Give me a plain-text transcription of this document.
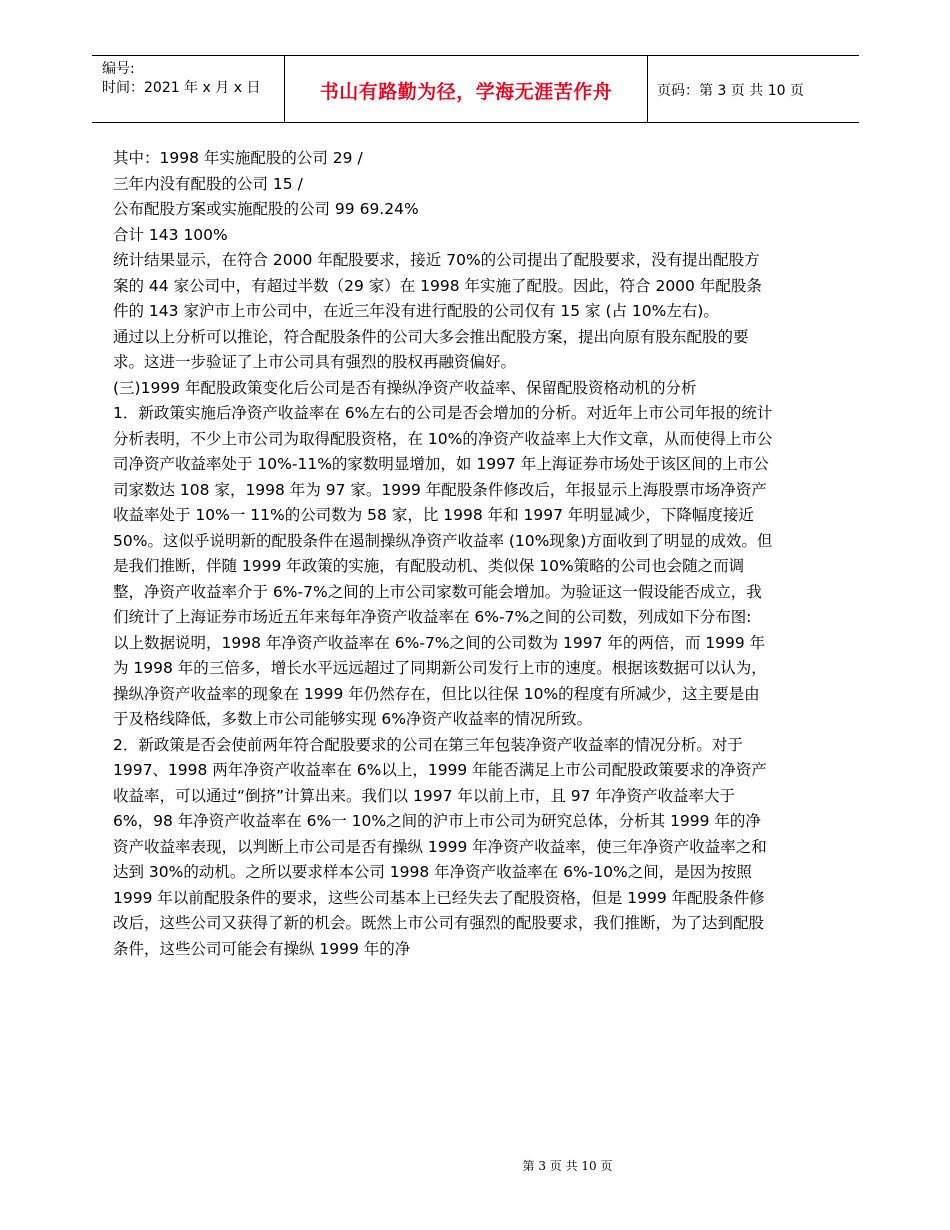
编号:
时间：2021 年 x 月 x 日	书山有路勤为径，学海无涯苦作舟	页码：第 3 页 共 10 页

其中：1998 年实施配股的公司 29 /

三年内没有配股的公司 15 /

公布配股方案或实施配股的公司 99 69.24%

合计 143 100%

统计结果显示，在符合 2000 年配股要求，接近 70%的公司提出了配股要求，没有提出配股方案的 44 家公司中，有超过半数（29 家）在 1998 年实施了配股。因此，符合 2000 年配股条件的 143 家沪市上市公司中，在近三年没有进行配股的公司仅有 15 家 (占 10%左右)。

通过以上分析可以推论，符合配股条件的公司大多会推出配股方案，提出向原有股东配股的要求。这进一步验证了上市公司具有强烈的股权再融资偏好。

(三)1999 年配股政策变化后公司是否有操纵净资产收益率、保留配股资格动机的分析

1．新政策实施后净资产收益率在 6%左右的公司是否会增加的分析。对近年上市公司年报的统计分析表明，不少上市公司为取得配股资格，在 10%的净资产收益率上大作文章，从而使得上市公司净资产收益率处于 10%-11%的家数明显增加，如 1997 年上海证券市场处于该区间的上市公司家数达 108 家，1998 年为 97 家。1999 年配股条件修改后，年报显示上海股票市场净资产收益率处于 10%一 11%的公司数为 58 家，比 1998 年和 1997 年明显减少，下降幅度接近 50%。这似乎说明新的配股条件在遏制操纵净资产收益率 (10%现象)方面收到了明显的成效。但是我们推断，伴随 1999 年政策的实施，有配股动机、类似保 10%策略的公司也会随之而调整，净资产收益率介于 6%-7%之间的上市公司家数可能会增加。为验证这一假设能否成立，我们统计了上海证券市场近五年来每年净资产收益率在 6%-7%之间的公司数，列成如下分布图:

以上数据说明，1998 年净资产收益率在 6%-7%之间的公司数为 1997 年的两倍，而 1999 年为 1998 年的三倍多，增长水平远远超过了同期新公司发行上市的速度。根据该数据可以认为，操纵净资产收益率的现象在 1999 年仍然存在，但比以往保 10%的程度有所减少，这主要是由于及格线降低，多数上市公司能够实现 6%净资产收益率的情况所致。

2．新政策是否会使前两年符合配股要求的公司在第三年包装净资产收益率的情况分析。对于 1997、1998 两年净资产收益率在 6%以上，1999 年能否满足上市公司配股政策要求的净资产收益率，可以通过“倒挤”计算出来。我们以 1997 年以前上市，且 97 年净资产收益率大于 6%，98 年净资产收益率在 6%一 10%之间的沪市上市公司为研究总体，分析其 1999 年的净资产收益率表现，以判断上市公司是否有操纵 1999 年净资产收益率，使三年净资产收益率之和达到 30%的动机。之所以要求样本公司 1998 年净资产收益率在 6%-10%之间，是因为按照 1999 年以前配股条件的要求，这些公司基本上已经失去了配股资格，但是 1999 年配股条件修改后，这些公司又获得了新的机会。既然上市公司有强烈的配股要求，我们推断，为了达到配股条件，这些公司可能会有操纵 1999 年的净

第 3 页 共 10 页
